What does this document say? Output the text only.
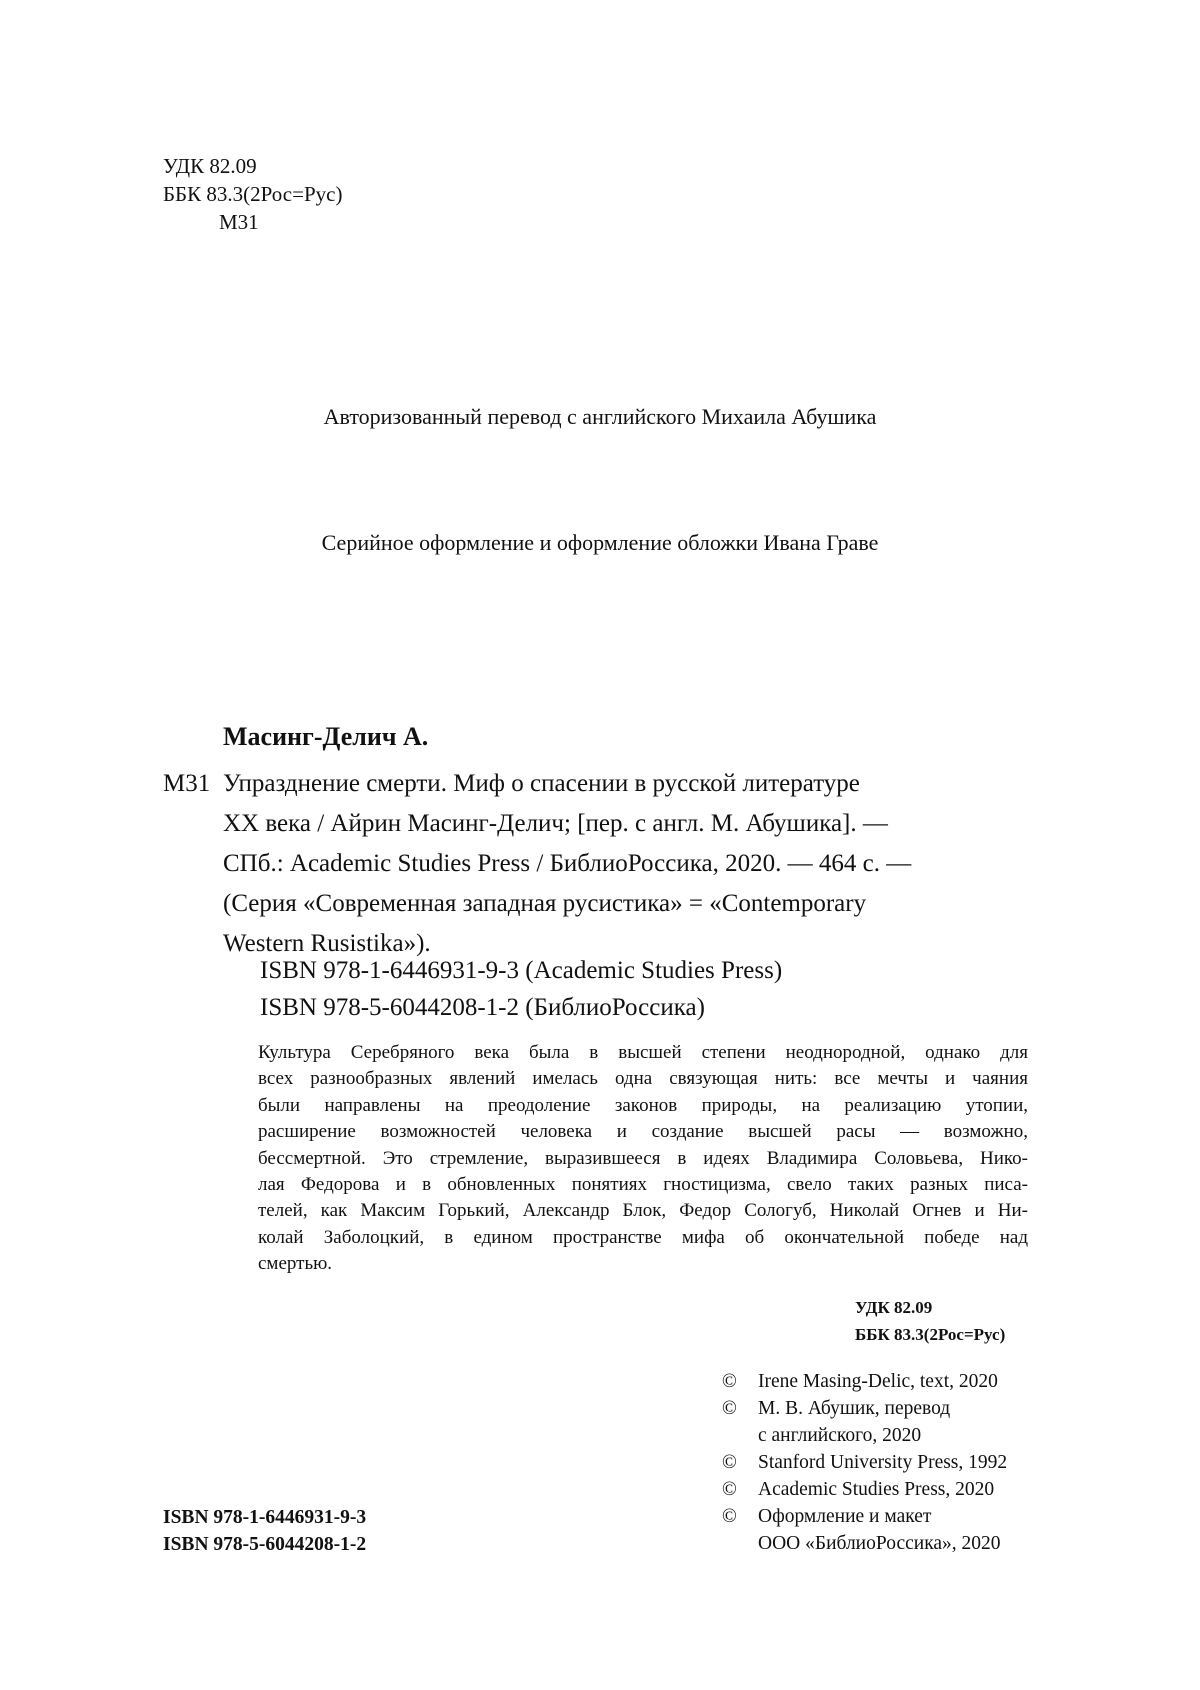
УДК 82.09
ББК 83.3(2Рос=Рус)
М31
Авторизованный перевод с английского Михаила Абушика
Серийное оформление и оформление обложки Ивана Граве
Масинг-Делич А.
М31 Упразднение смерти. Миф о спасении в русской литературе
XX века / Айрин Масинг-Делич; [пер. с англ. М. Абушика]. —
СПб.: Academic Studies Press / БиблиоРоссика, 2020. — 464 с. —
(Серия «Современная западная русистика» = «Contemporary
Western Rusistika»).
ISBN 978-1-6446931-9-3 (Academic Studies Press)
ISBN 978-5-6044208-1-2 (БиблиоРоссика)
Культура Серебряного века была в высшей степени неоднородной, однако для
всех разнообразных явлений имелась одна связующая нить: все мечты и чаяния
были направлены на преодоление законов природы, на реализацию утопии,
расширение возможностей человека и создание высшей расы — возможно,
бессмертной. Это стремление, выразившееся в идеях Владимира Соловьева, Нико-
лая Федорова и в обновленных понятиях гностицизма, свело таких разных писа-
телей, как Максим Горький, Александр Блок, Федор Сологуб, Николай Огнев и Ни-
колай Заболоцкий, в едином пространстве мифа об окончательной победе над
смертью.
УДК 82.09
ББК 83.3(2Рос=Рус)
©	Irene Masing-Delic, text, 2020
©	М. В. Абушик, перевод
с английского, 2020
©	Stanford University Press, 1992
©	Academic Studies Press, 2020
©	Оформление и макет
ООО «БиблиоРоссика», 2020
ISBN 978-1-6446931-9-3
ISBN 978-5-6044208-1-2
